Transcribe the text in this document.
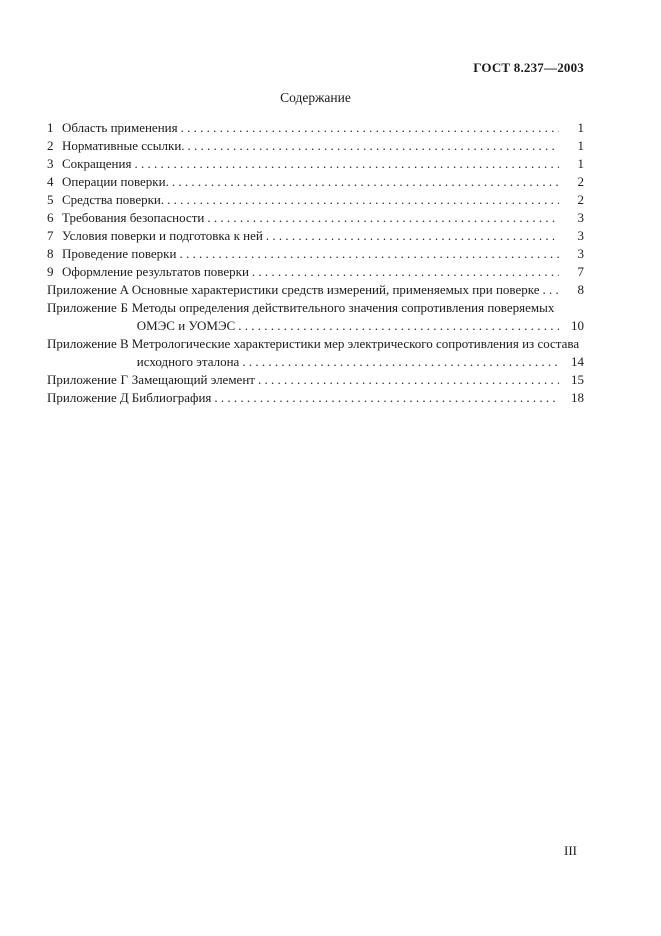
ГОСТ 8.237—2003
Содержание
1 Область применения . . .	1
2 Нормативные ссылки. . . .	1
3 Сокращения . . .	1
4 Операции поверки. . . .	2
5 Средства поверки. . . .	2
6 Требования безопасности . . .	3
7 Условия поверки и подготовка к ней . . .	3
8 Проведение поверки . . .	3
9 Оформление результатов поверки . . .	7
Приложение А Основные характеристики средств измерений, применяемых при поверке . . .	8
Приложение Б Методы определения действительного значения сопротивления поверяемых
ОМЭС и УОМЭС . . .	10
Приложение В Метрологические характеристики мер электрического сопротивления из состава
исходного эталона . . .	14
Приложение Г Замещающий элемент . . .	15
Приложение Д Библиография . . .	18
III
